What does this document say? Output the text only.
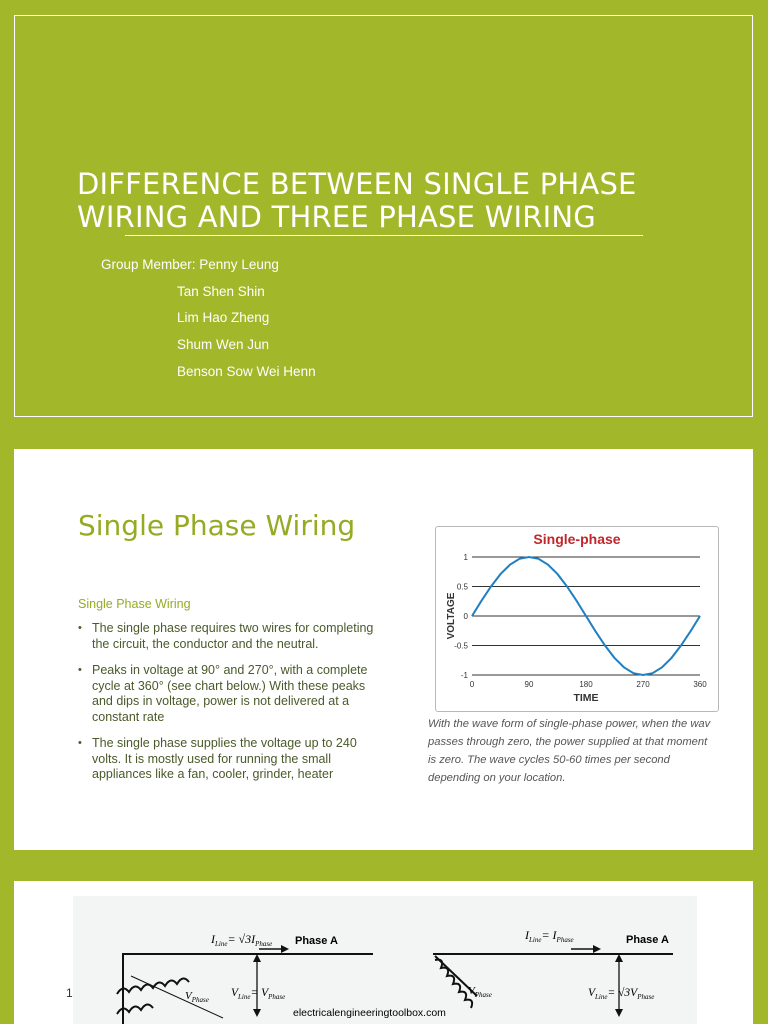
DIFFERENCE BETWEEN SINGLE PHASE
WIRING AND THREE PHASE WIRING
Group Member: Penny Leung
Tan Shen Shin
Lim Hao Zheng
Shum Wen Jun
Benson Sow Wei Henn
Single Phase Wiring
Single Phase Wiring
• The single phase requires two wires for completing the circuit, the conductor and the neutral.
• Peaks in voltage at 90° and 270°, with a complete cycle at 360° (see chart below.) With these peaks and dips in voltage, power is not delivered at a constant rate
• The single phase supplies the voltage up to 240 volts. It is mostly used for running the small appliances like a fan, cooler, grinder, heater
Single-phase
1
0.5
0
-0.5
-1
0	90	180	270	360
VOLTAGE
TIME
With the wave form of single-phase power, when the wav
passes through zero, the power supplied at that moment
is zero. The wave cycles 50-60 times per second
depending on your location.
$I_{Line}= √3I_{Phase}$ Phase A
$V_{Phase}$
$V_{Line}= V_{Phase}$
$I_{Line}= I_{Phase}$	Phase A
$V_{Phase}$	$V_{Line}= √3V_{Phase}$
electricalengineeringtoolbox.com
1
